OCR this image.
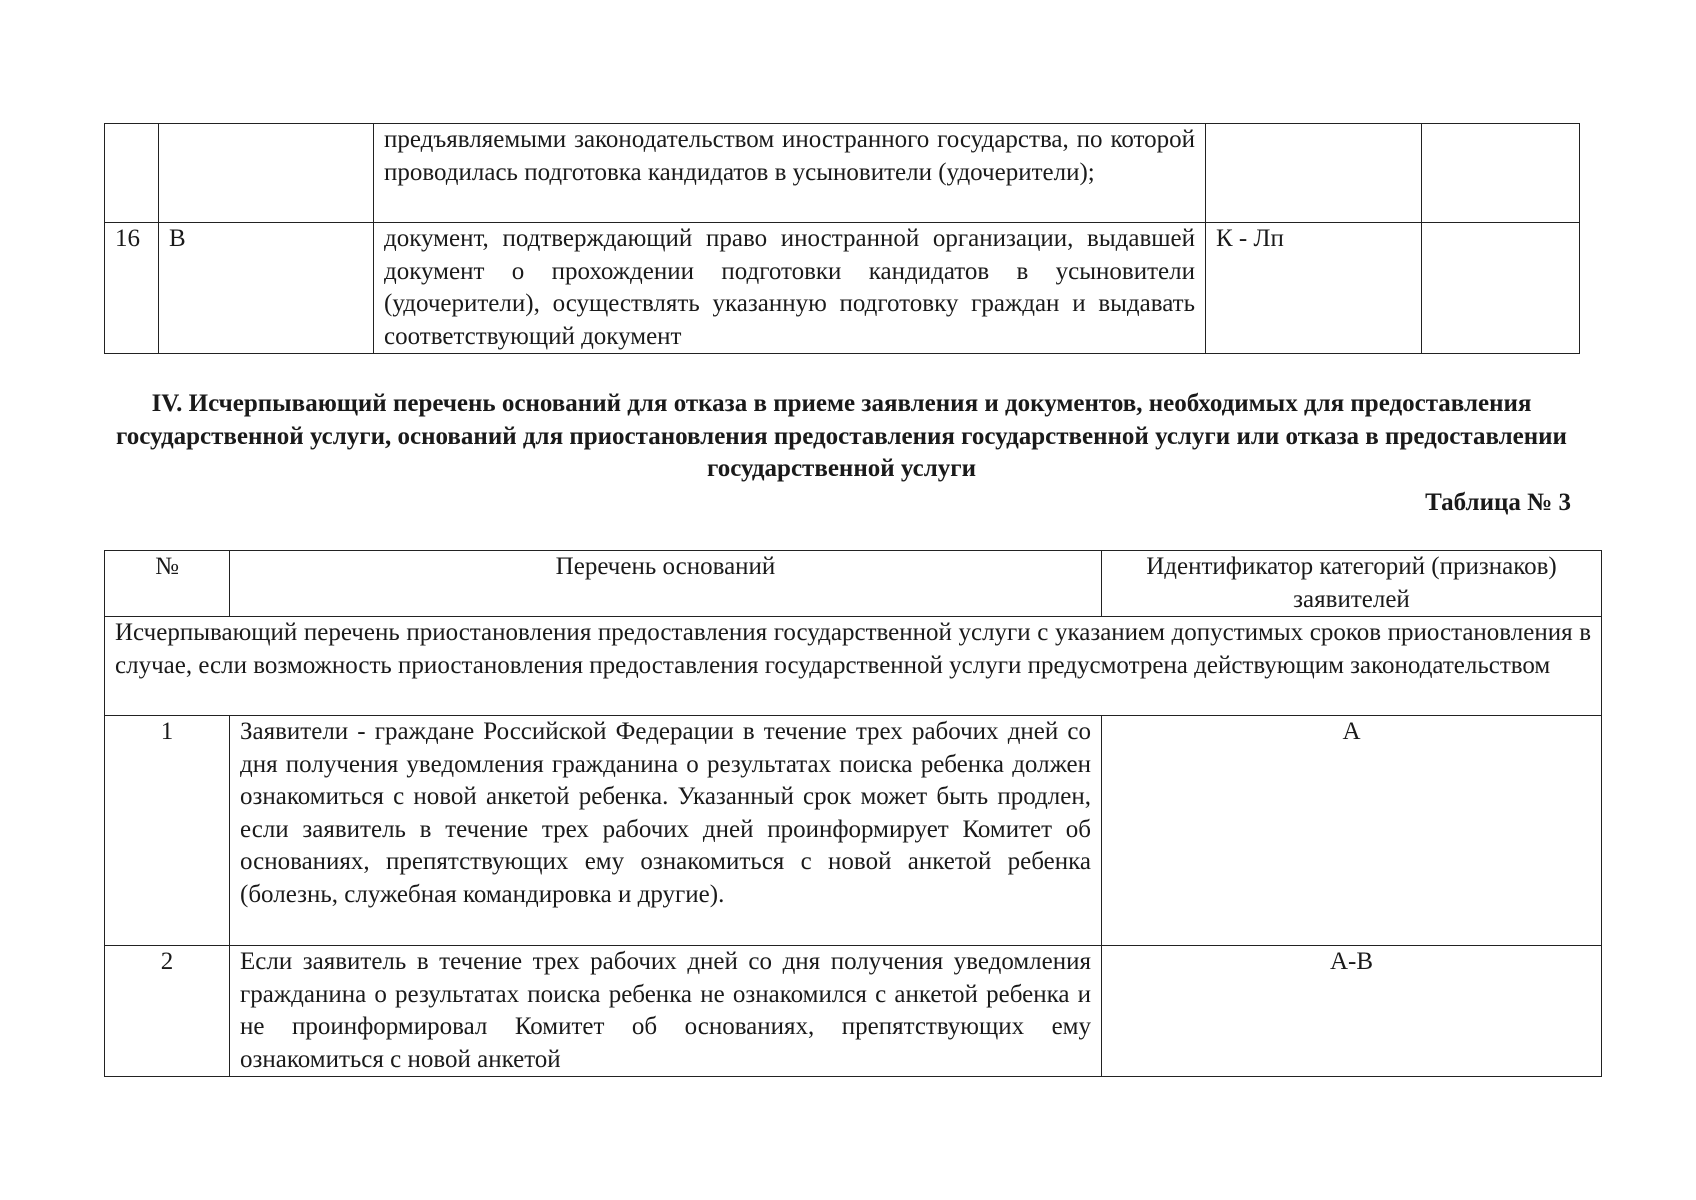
		предъявляемыми законодательством иностранного государства, по которой проводилась подготовка кандидатов в усыновители (удочерители);		
16	В	документ, подтверждающий право иностранной организации, выдавшей документ о прохождении подготовки кандидатов в усыновители (удочерители), осуществлять указанную подготовку граждан и выдавать соответствующий документ	К - Лп	
IV. Исчерпывающий перечень оснований для отказа в приеме заявления и документов, необходимых для предоставления государственной услуги, оснований для приостановления предоставления государственной услуги или отказа в предоставлении государственной услуги
Таблица № 3
№	Перечень оснований	Идентификатор категорий (признаков) заявителей
Исчерпывающий перечень приостановления предоставления государственной услуги с указанием допустимых сроков приостановления в случае, если возможность приостановления предоставления государственной услуги предусмотрена действующим законодательством		
1	Заявители - граждане Российской Федерации в течение трех рабочих дней со дня получения уведомления гражданина о результатах поиска ребенка должен ознакомиться с новой анкетой ребенка. Указанный срок может быть продлен, если заявитель в течение трех рабочих дней проинформирует Комитет об основаниях, препятствующих ему ознакомиться с новой анкетой ребенка (болезнь, служебная командировка и другие).	А
2	Если заявитель в течение трех рабочих дней со дня получения уведомления гражданина о результатах поиска ребенка не ознакомился с анкетой ребенка и не проинформировал Комитет об основаниях, препятствующих ему ознакомиться с новой анкетой	А-В
